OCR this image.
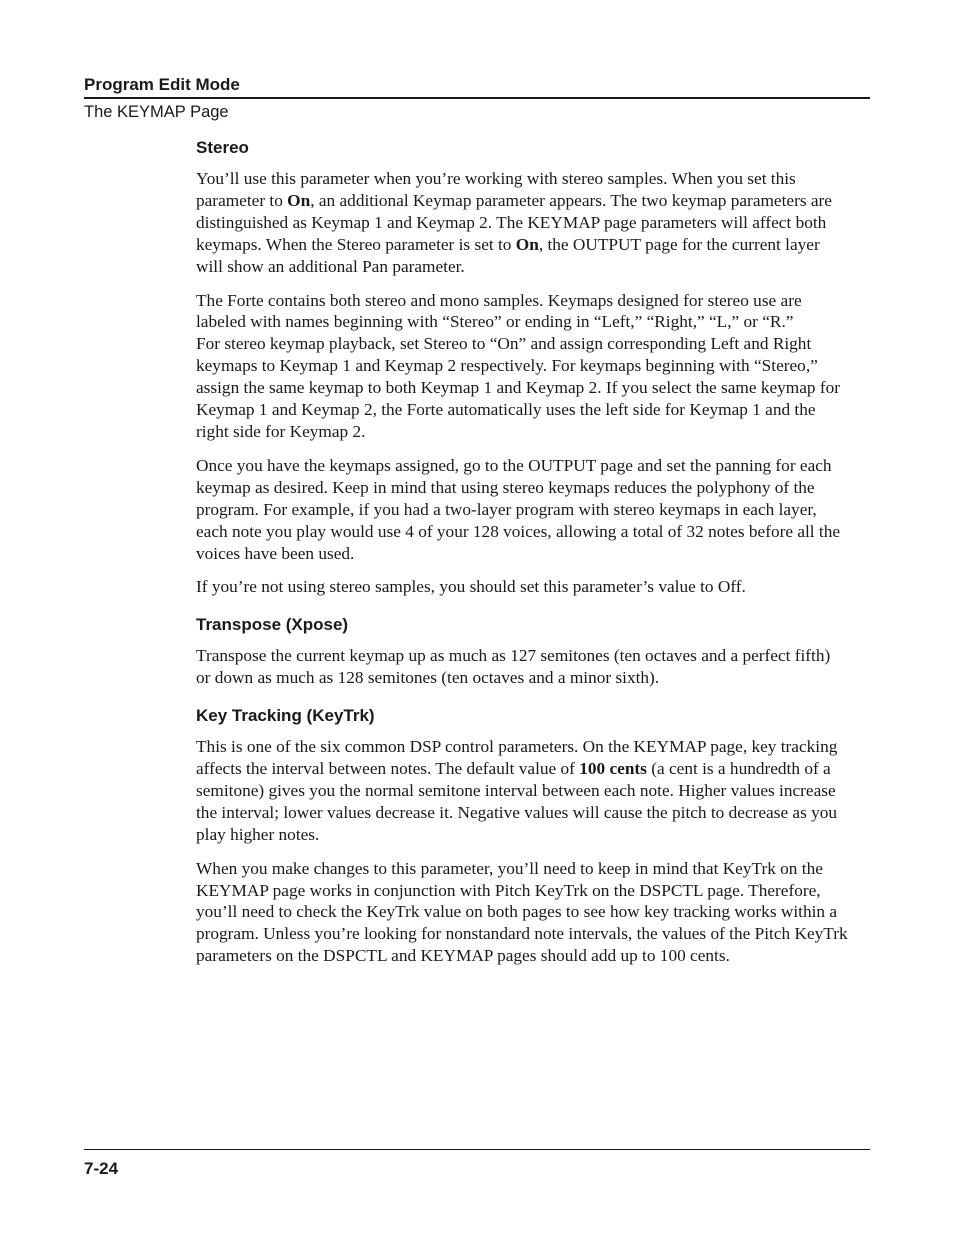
Program Edit Mode
The KEYMAP Page
Stereo

You’ll use this parameter when you’re working with stereo samples. When you set this
parameter to On, an additional Keymap parameter appears. The two keymap parameters are
distinguished as Keymap 1 and Keymap 2. The KEYMAP page parameters will affect both
keymaps. When the Stereo parameter is set to On, the OUTPUT page for the current layer
will show an additional Pan parameter.

The Forte contains both stereo and mono samples. Keymaps designed for stereo use are
labeled with names beginning with “Stereo” or ending in “Left,” “Right,” “L,” or “R.”
For stereo keymap playback, set Stereo to “On” and assign corresponding Left and Right
keymaps to Keymap 1 and Keymap 2 respectively. For keymaps beginning with “Stereo,”
assign the same keymap to both Keymap 1 and Keymap 2. If you select the same keymap for
Keymap 1 and Keymap 2, the Forte automatically uses the left side for Keymap 1 and the
right side for Keymap 2.

Once you have the keymaps assigned, go to the OUTPUT page and set the panning for each
keymap as desired. Keep in mind that using stereo keymaps reduces the polyphony of the
program. For example, if you had a two-layer program with stereo keymaps in each layer,
each note you play would use 4 of your 128 voices, allowing a total of 32 notes before all the
voices have been used.

If you’re not using stereo samples, you should set this parameter’s value to Off.

Transpose (Xpose)

Transpose the current keymap up as much as 127 semitones (ten octaves and a perfect fifth)
or down as much as 128 semitones (ten octaves and a minor sixth).

Key Tracking (KeyTrk)

This is one of the six common DSP control parameters. On the KEYMAP page, key tracking
affects the interval between notes. The default value of 100 cents (a cent is a hundredth of a
semitone) gives you the normal semitone interval between each note. Higher values increase
the interval; lower values decrease it. Negative values will cause the pitch to decrease as you
play higher notes.

When you make changes to this parameter, you’ll need to keep in mind that KeyTrk on the
KEYMAP page works in conjunction with Pitch KeyTrk on the DSPCTL page. Therefore,
you’ll need to check the KeyTrk value on both pages to see how key tracking works within a
program. Unless you’re looking for nonstandard note intervals, the values of the Pitch KeyTrk
parameters on the DSPCTL and KEYMAP pages should add up to 100 cents.

7-24
